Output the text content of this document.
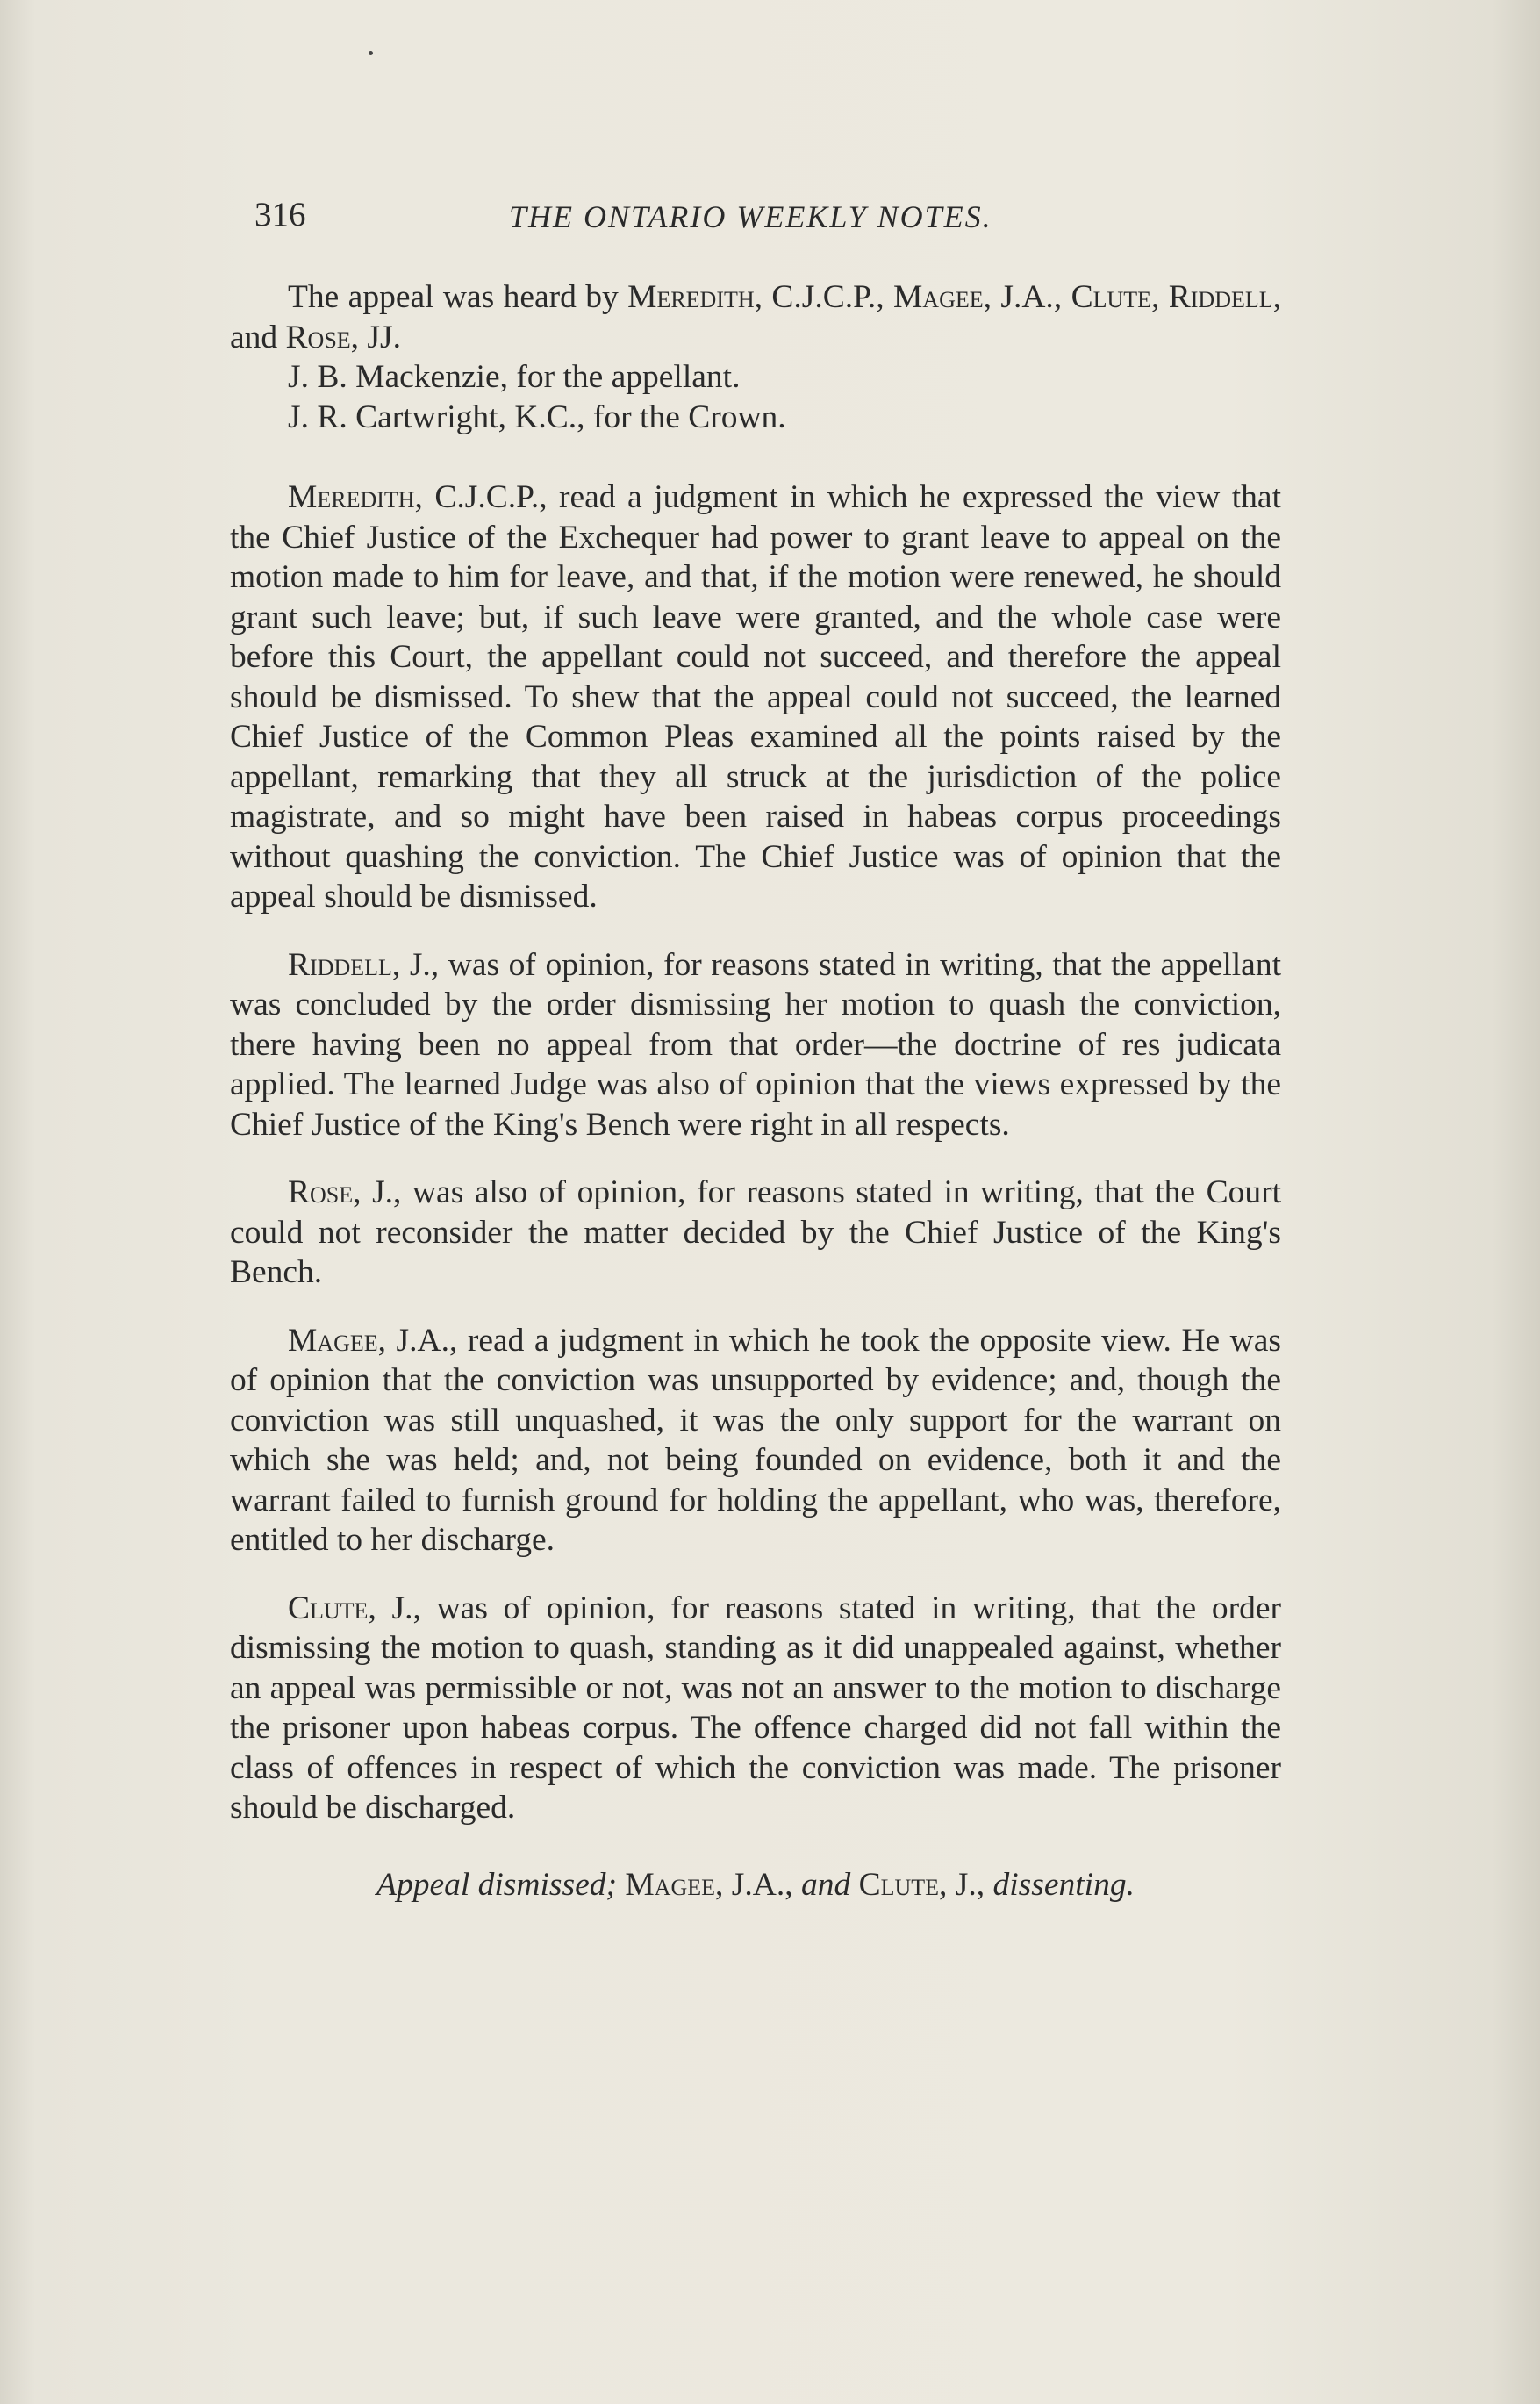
316	THE ONTARIO WEEKLY NOTES.

The appeal was heard by Meredith, C.J.C.P., Magee, J.A., Clute, Riddell, and Rose, JJ.

J. B. Mackenzie, for the appellant.

J. R. Cartwright, K.C., for the Crown.

Meredith, C.J.C.P., read a judgment in which he expressed the view that the Chief Justice of the Exchequer had power to grant leave to appeal on the motion made to him for leave, and that, if the motion were renewed, he should grant such leave; but, if such leave were granted, and the whole case were before this Court, the appellant could not succeed, and therefore the appeal should be dismissed. To shew that the appeal could not succeed, the learned Chief Justice of the Common Pleas examined all the points raised by the appellant, remarking that they all struck at the jurisdiction of the police magistrate, and so might have been raised in habeas corpus proceedings without quashing the conviction. The Chief Justice was of opinion that the appeal should be dismissed.

Riddell, J., was of opinion, for reasons stated in writing, that the appellant was concluded by the order dismissing her motion to quash the conviction, there having been no appeal from that order—the doctrine of res judicata applied. The learned Judge was also of opinion that the views expressed by the Chief Justice of the King's Bench were right in all respects.

Rose, J., was also of opinion, for reasons stated in writing, that the Court could not reconsider the matter decided by the Chief Justice of the King's Bench.

Magee, J.A., read a judgment in which he took the opposite view. He was of opinion that the conviction was unsupported by evidence; and, though the conviction was still unquashed, it was the only support for the warrant on which she was held; and, not being founded on evidence, both it and the warrant failed to furnish ground for holding the appellant, who was, therefore, entitled to her discharge.

Clute, J., was of opinion, for reasons stated in writing, that the order dismissing the motion to quash, standing as it did unappealed against, whether an appeal was permissible or not, was not an answer to the motion to discharge the prisoner upon habeas corpus. The offence charged did not fall within the class of offences in respect of which the conviction was made. The prisoner should be discharged.

Appeal dismissed; Magee, J.A., and Clute, J., dissenting.
